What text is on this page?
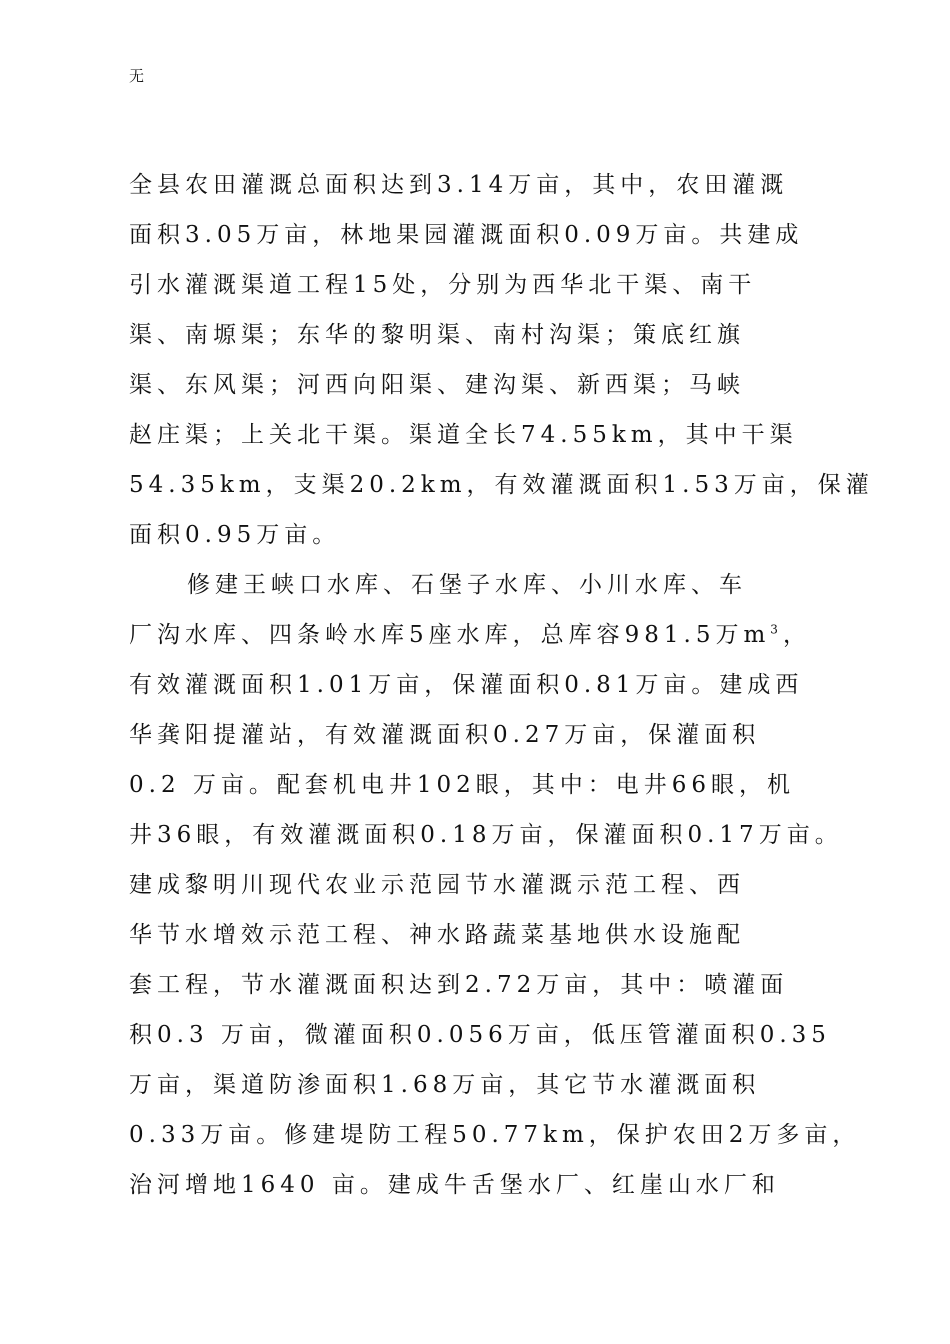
无
全县农田灌溉总面积达到3.14万亩，其中，农田灌溉
面积3.05万亩，林地果园灌溉面积0.09万亩。共建成
引水灌溉渠道工程15处，分别为西华北干渠、南干
渠、南塬渠；东华的黎明渠、南村沟渠；策底红旗
渠、东风渠；河西向阳渠、建沟渠、新西渠；马峡
赵庄渠；上关北干渠。渠道全长74.55km，其中干渠
54.35km，支渠20.2km，有效灌溉面积1.53万亩，保灌
面积0.95万亩。
修建王峡口水库、石堡子水库、小川水库、车
厂沟水库、四条岭水库5座水库，总库容981.5万$m^3$，
有效灌溉面积1.01万亩，保灌面积0.81万亩。建成西
华龚阳提灌站，有效灌溉面积0.27万亩，保灌面积
0.2 万亩。配套机电井102眼，其中：电井66眼，机
井36眼，有效灌溉面积0.18万亩，保灌面积0.17万亩。
建成黎明川现代农业示范园节水灌溉示范工程、西
华节水增效示范工程、神水路蔬菜基地供水设施配
套工程，节水灌溉面积达到2.72万亩，其中：喷灌面
积0.3 万亩，微灌面积0.056万亩，低压管灌面积0.35
万亩，渠道防渗面积1.68万亩，其它节水灌溉面积
0.33万亩。修建堤防工程50.77km，保护农田2万多亩，
治河增地1640 亩。建成牛舌堡水厂、红崖山水厂和
